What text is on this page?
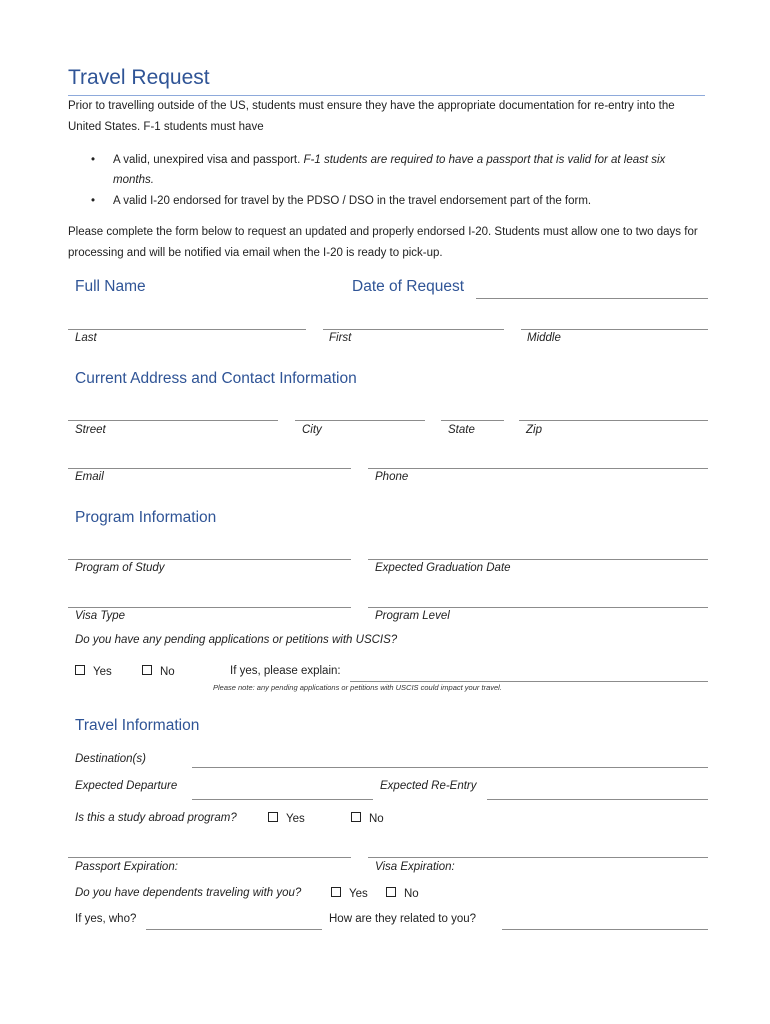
Travel Request
Prior to travelling outside of the US, students must ensure they have the appropriate documentation for re-entry into the United States. F-1 students must have
• A valid, unexpired visa and passport. F-1 students are required to have a passport that is valid for at least six months.
• A valid I-20 endorsed for travel by the PDSO / DSO in the travel endorsement part of the form.
Please complete the form below to request an updated and properly endorsed I-20. Students must allow one to two days for processing and will be notified via email when the I-20 is ready to pick-up.
Full Name	Date of Request
Last	First	Middle
Current Address and Contact Information
Street	City	State	Zip
Email	Phone
Program Information
Program of Study	Expected Graduation Date
Visa Type	Program Level
Do you have any pending applications or petitions with USCIS?
Yes	No	If yes, please explain:
Please note: any pending applications or petitions with USCIS could impact your travel.
Travel Information
Destination(s)
Expected Departure	Expected Re-Entry
Is this a study abroad program?	Yes	No
Passport Expiration:	Visa Expiration:
Do you have dependents traveling with you?	Yes	No
If yes, who?	How are they related to you?
